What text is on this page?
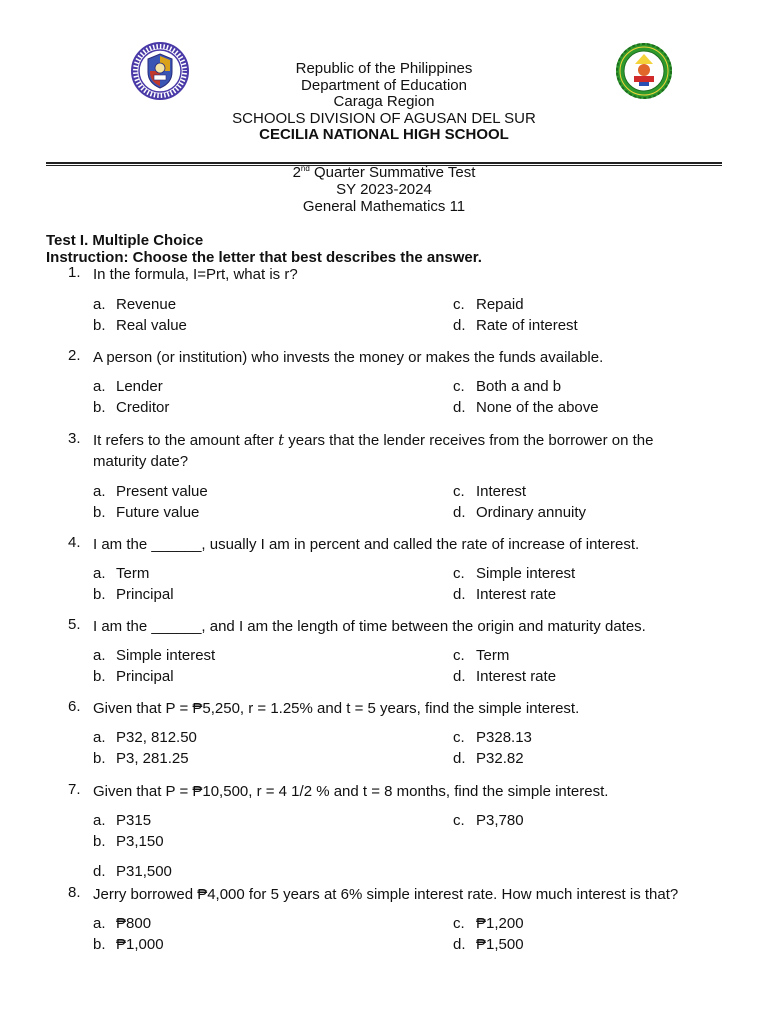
Republic of the Philippines
Department of Education
Caraga Region
SCHOOLS DIVISION OF AGUSAN DEL SUR
CECILIA NATIONAL HIGH SCHOOL
2nd Quarter Summative Test
SY 2023-2024
General Mathematics 11
Test I. Multiple Choice
Instruction: Choose the letter that best describes the answer.
1. In the formula, I=Prt, what is r?
a. Revenue
b. Real value
c. Repaid
d. Rate of interest
2. A person (or institution) who invests the money or makes the funds available.
a. Lender
b. Creditor
c. Both a and b
d. None of the above
3. It refers to the amount after t years that the lender receives from the borrower on the maturity date?
a. Present value
b. Future value
c. Interest
d. Ordinary annuity
4. I am the ______, usually I am in percent and called the rate of increase of interest.
a. Term
b. Principal
c. Simple interest
d. Interest rate
5. I am the ______, and I am the length of time between the origin and maturity dates.
a. Simple interest
b. Principal
c. Term
d. Interest rate
6. Given that P = ₱5,250, r = 1.25% and t = 5 years, find the simple interest.
a. P32, 812.50
b. P3, 281.25
c. P328.13
d. P32.82
7. Given that P = ₱10,500, r = 4 1/2 % and t = 8 months, find the simple interest.
a. P315
b. P3,150
c. P3,780
d. P31,500
8. Jerry borrowed ₱4,000 for 5 years at 6% simple interest rate. How much interest is that?
a. ₱800
b. ₱1,000
c. ₱1,200
d. ₱1,500
